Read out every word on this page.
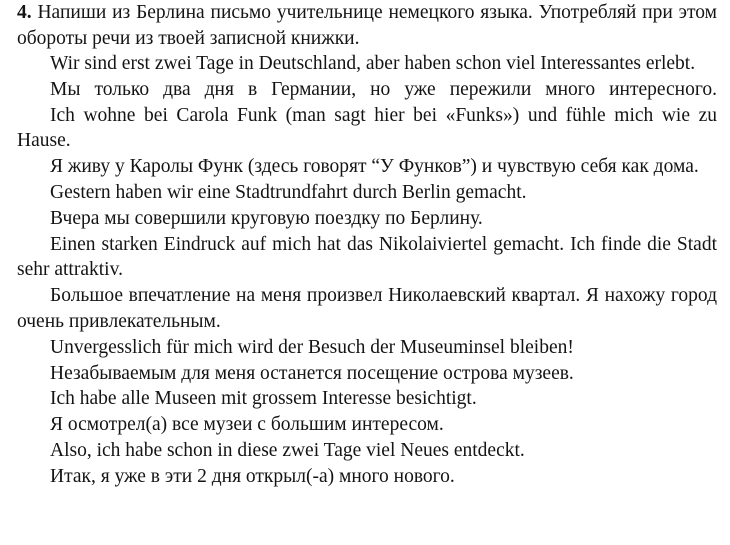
4. Напиши из Берлина письмо учительнице немецкого языка. Употребляй при этом обороты речи из твоей записной книжки.

Wir sind erst zwei Tage in Deutschland, aber haben schon viel Interessantes erlebt.

Мы только два дня в Германии, но уже пережили много интересного.

Ich wohne bei Carola Funk (man sagt hier bei «Funks») und fühle mich wie zu Hause.

Я живу у Каролы Функ (здесь говорят “У Функов”) и чувствую себя как дома.

Gestern haben wir eine Stadtrundfahrt durch Berlin gemacht.

Вчера мы совершили круговую поездку по Берлину.

Einen starken Eindruck auf mich hat das Nikolaiviertel gemacht. Ich finde die Stadt sehr attraktiv.

Большое впечатление на меня произвел Николаевский квартал. Я нахожу город очень привлекательным.

Unvergesslich für mich wird der Besuch der Museuminsel bleiben!

Незабываемым для меня останется посещение острова музеев.

Ich habe alle Museen mit grossem Interesse besichtigt.

Я осмотрел(а) все музеи с большим интересом.

Also, ich habe schon in diese zwei Tage viel Neues entdeckt.

Итак, я уже в эти 2 дня открыл(-а) много нового.
